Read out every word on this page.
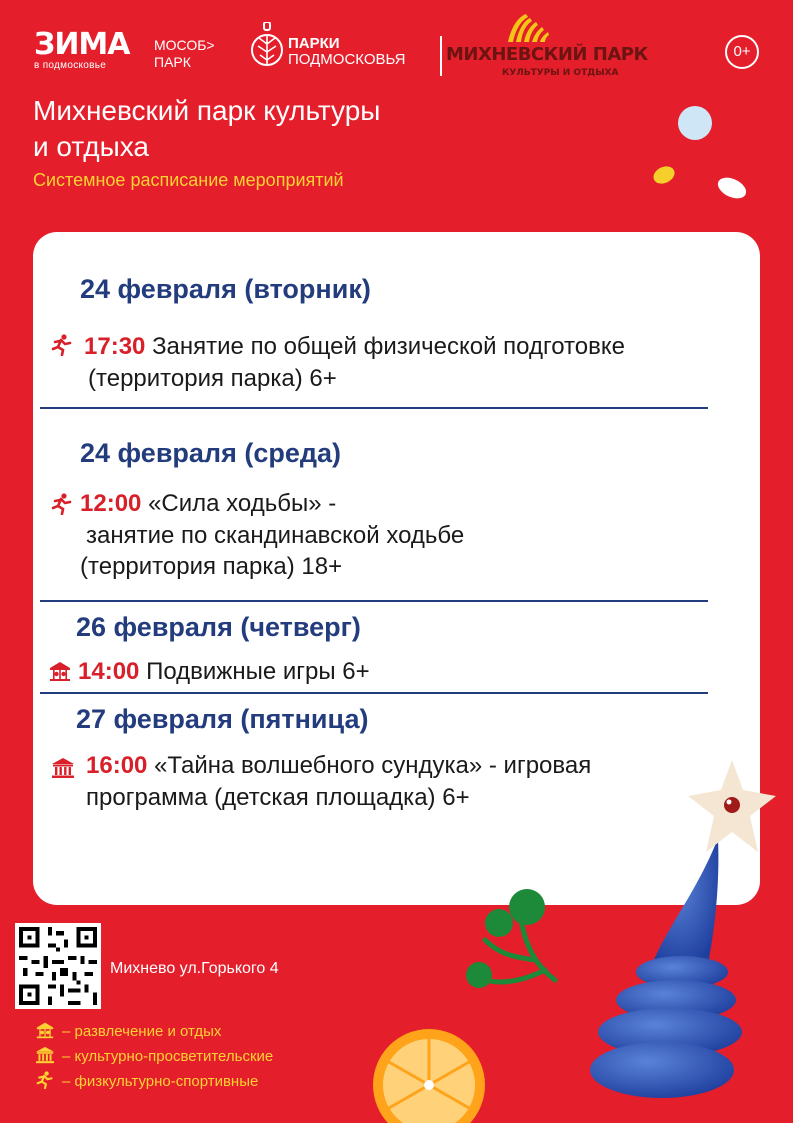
ЗИМА
в подмосковье
МОСОБ>
ПАРК
ПАРКИ
ПОДМОСКОВЬЯ МИХНЕВСКИЙ ПАРК
КУЛЬТУРЫ И ОТДЫХА
0+
Михневский парк культуры
и отдыха
Системное расписание мероприятий
24 февраля (вторник)
17:30 Занятие по общей физической подготовке
(территория парка) 6+
24 февраля (среда)
12:00 «Сила ходьбы» -
занятие по скандинавской ходьбе
(территория парка) 18+
26 февраля (четверг)
14:00 Подвижные игры 6+
27 февраля (пятница)
16:00 «Тайна волшебного сундука» - игровая
программа (детская площадка) 6+
Михнево ул.Горького 4
– развлечение и отдых
– культурно-просветительские
– физкультурно-спортивные
